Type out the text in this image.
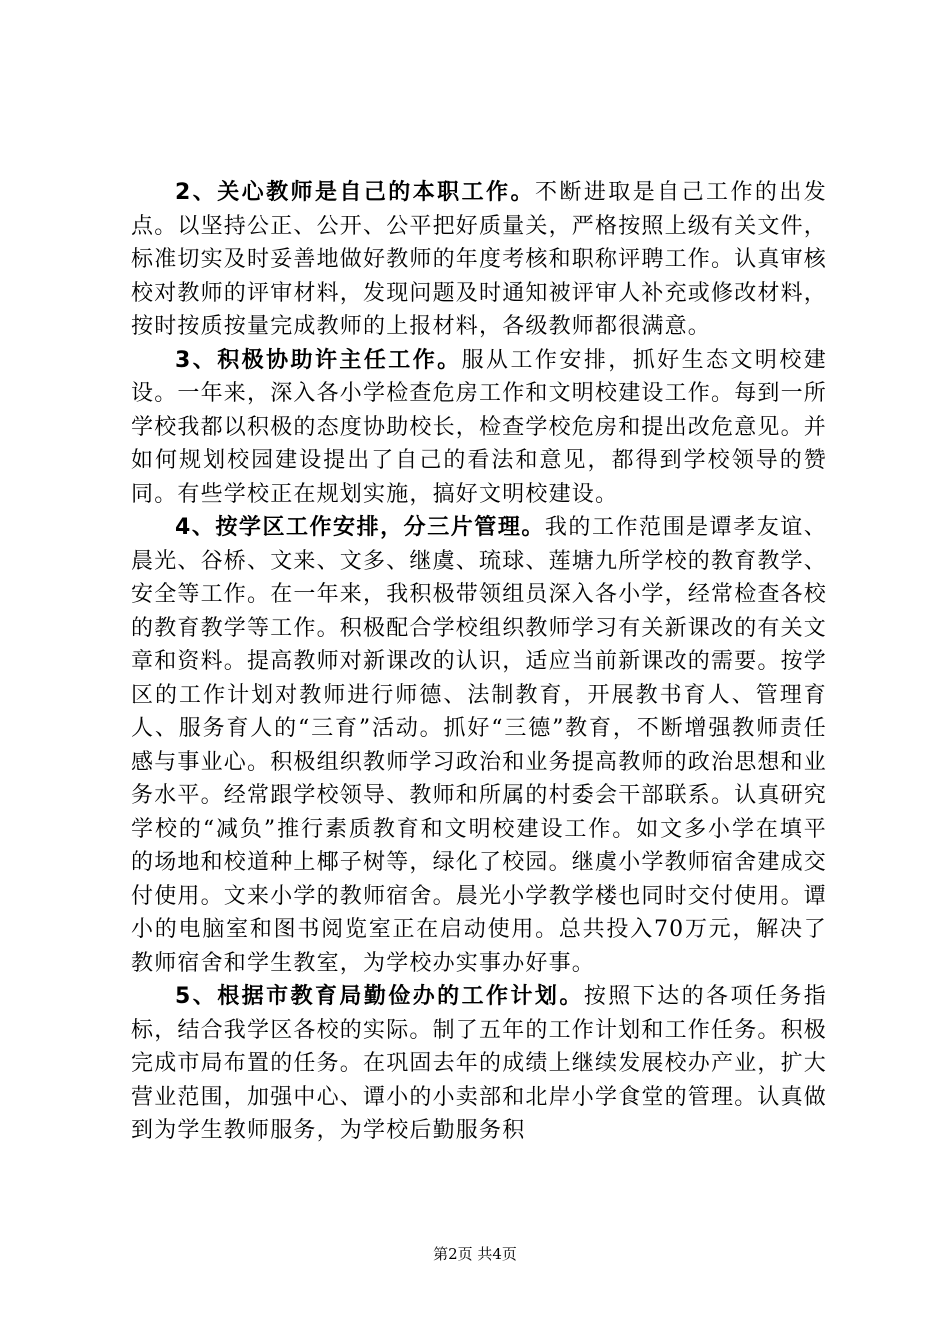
2、关心教师是自己的本职工作。不断进取是自己工作的出发点。以坚持公正、公开、公平把好质量关，严格按照上级有关文件，标准切实及时妥善地做好教师的年度考核和职称评聘工作。认真审核校对教师的评审材料，发现问题及时通知被评审人补充或修改材料，按时按质按量完成教师的上报材料，各级教师都很满意。

3、积极协助许主任工作。服从工作安排，抓好生态文明校建设。一年来，深入各小学检查危房工作和文明校建设工作。每到一所学校我都以积极的态度协助校长，检查学校危房和提出改危意见。并如何规划校园建设提出了自己的看法和意见，都得到学校领导的赞同。有些学校正在规划实施，搞好文明校建设。

4、按学区工作安排，分三片管理。我的工作范围是谭孝友谊、晨光、谷桥、文来、文多、继虞、琉球、莲塘九所学校的教育教学、安全等工作。在一年来，我积极带领组员深入各小学，经常检查各校的教育教学等工作。积极配合学校组织教师学习有关新课改的有关文章和资料。提高教师对新课改的认识，适应当前新课改的需要。按学区的工作计划对教师进行师德、法制教育，开展教书育人、管理育人、服务育人的“三育”活动。抓好“三德”教育，不断增强教师责任感与事业心。积极组织教师学习政治和业务提高教师的政治思想和业务水平。经常跟学校领导、教师和所属的村委会干部联系。认真研究学校的“减负”推行素质教育和文明校建设工作。如文多小学在填平的场地和校道种上椰子树等，绿化了校园。继虞小学教师宿舍建成交付使用。文来小学的教师宿舍。晨光小学教学楼也同时交付使用。谭小的电脑室和图书阅览室正在启动使用。总共投入70万元，解决了教师宿舍和学生教室，为学校办实事办好事。

5、根据市教育局勤俭办的工作计划。按照下达的各项任务指标，结合我学区各校的实际。制了五年的工作计划和工作任务。积极完成市局布置的任务。在巩固去年的成绩上继续发展校办产业，扩大营业范围，加强中心、谭小的小卖部和北岸小学食堂的管理。认真做到为学生教师服务，为学校后勤服务积

第2页 共4页
